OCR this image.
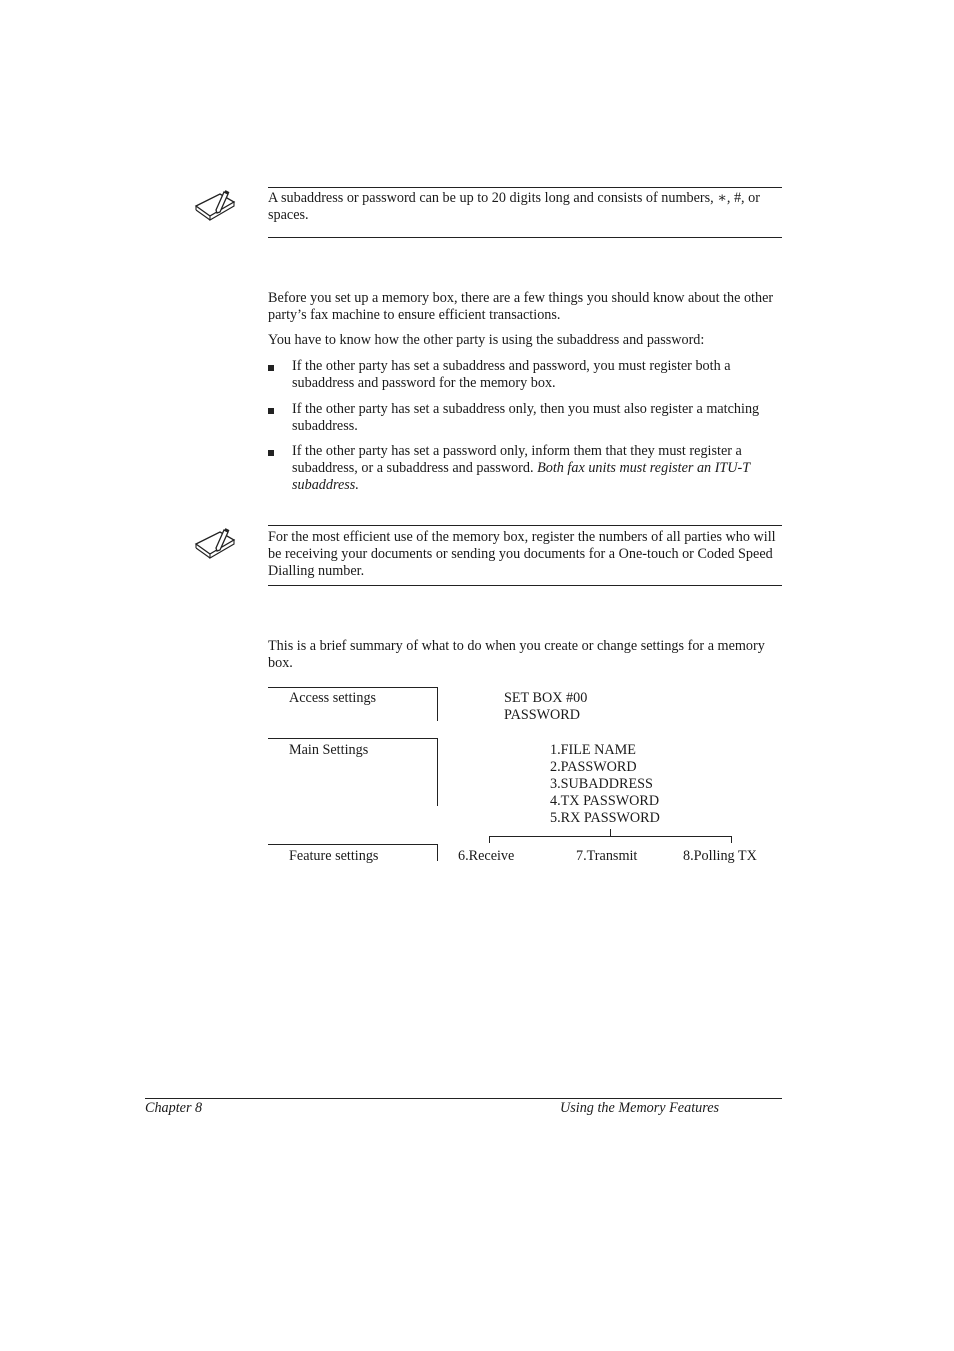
A subaddress or password can be up to 20 digits long and consists of numbers, ∗, #, or spaces.
Before you set up a memory box, there are a few things you should know about the other party’s fax machine to ensure efficient transactions.
You have to know how the other party is using the subaddress and password:
If the other party has set a subaddress and password, you must register both a subaddress and password for the memory box.
If the other party has set a subaddress only, then you must also register a matching subaddress.
If the other party has set a password only, inform them that they must register a subaddress, or a subaddress and password. Both fax units must register an ITU-T subaddress.
For the most efficient use of the memory box, register the numbers of all parties who will be receiving your documents or sending you documents for a One-touch or Coded Speed Dialling number.
This is a brief summary of what to do when you create or change settings for a memory box.
Access settings	SET BOX #00
PASSWORD
Main Settings	1.FILE NAME
2.PASSWORD
3.SUBADDRESS
4.TX PASSWORD
5.RX PASSWORD
Feature settings	6.Receive	7.Transmit	8.Polling TX
Chapter 8	Using the Memory Features
